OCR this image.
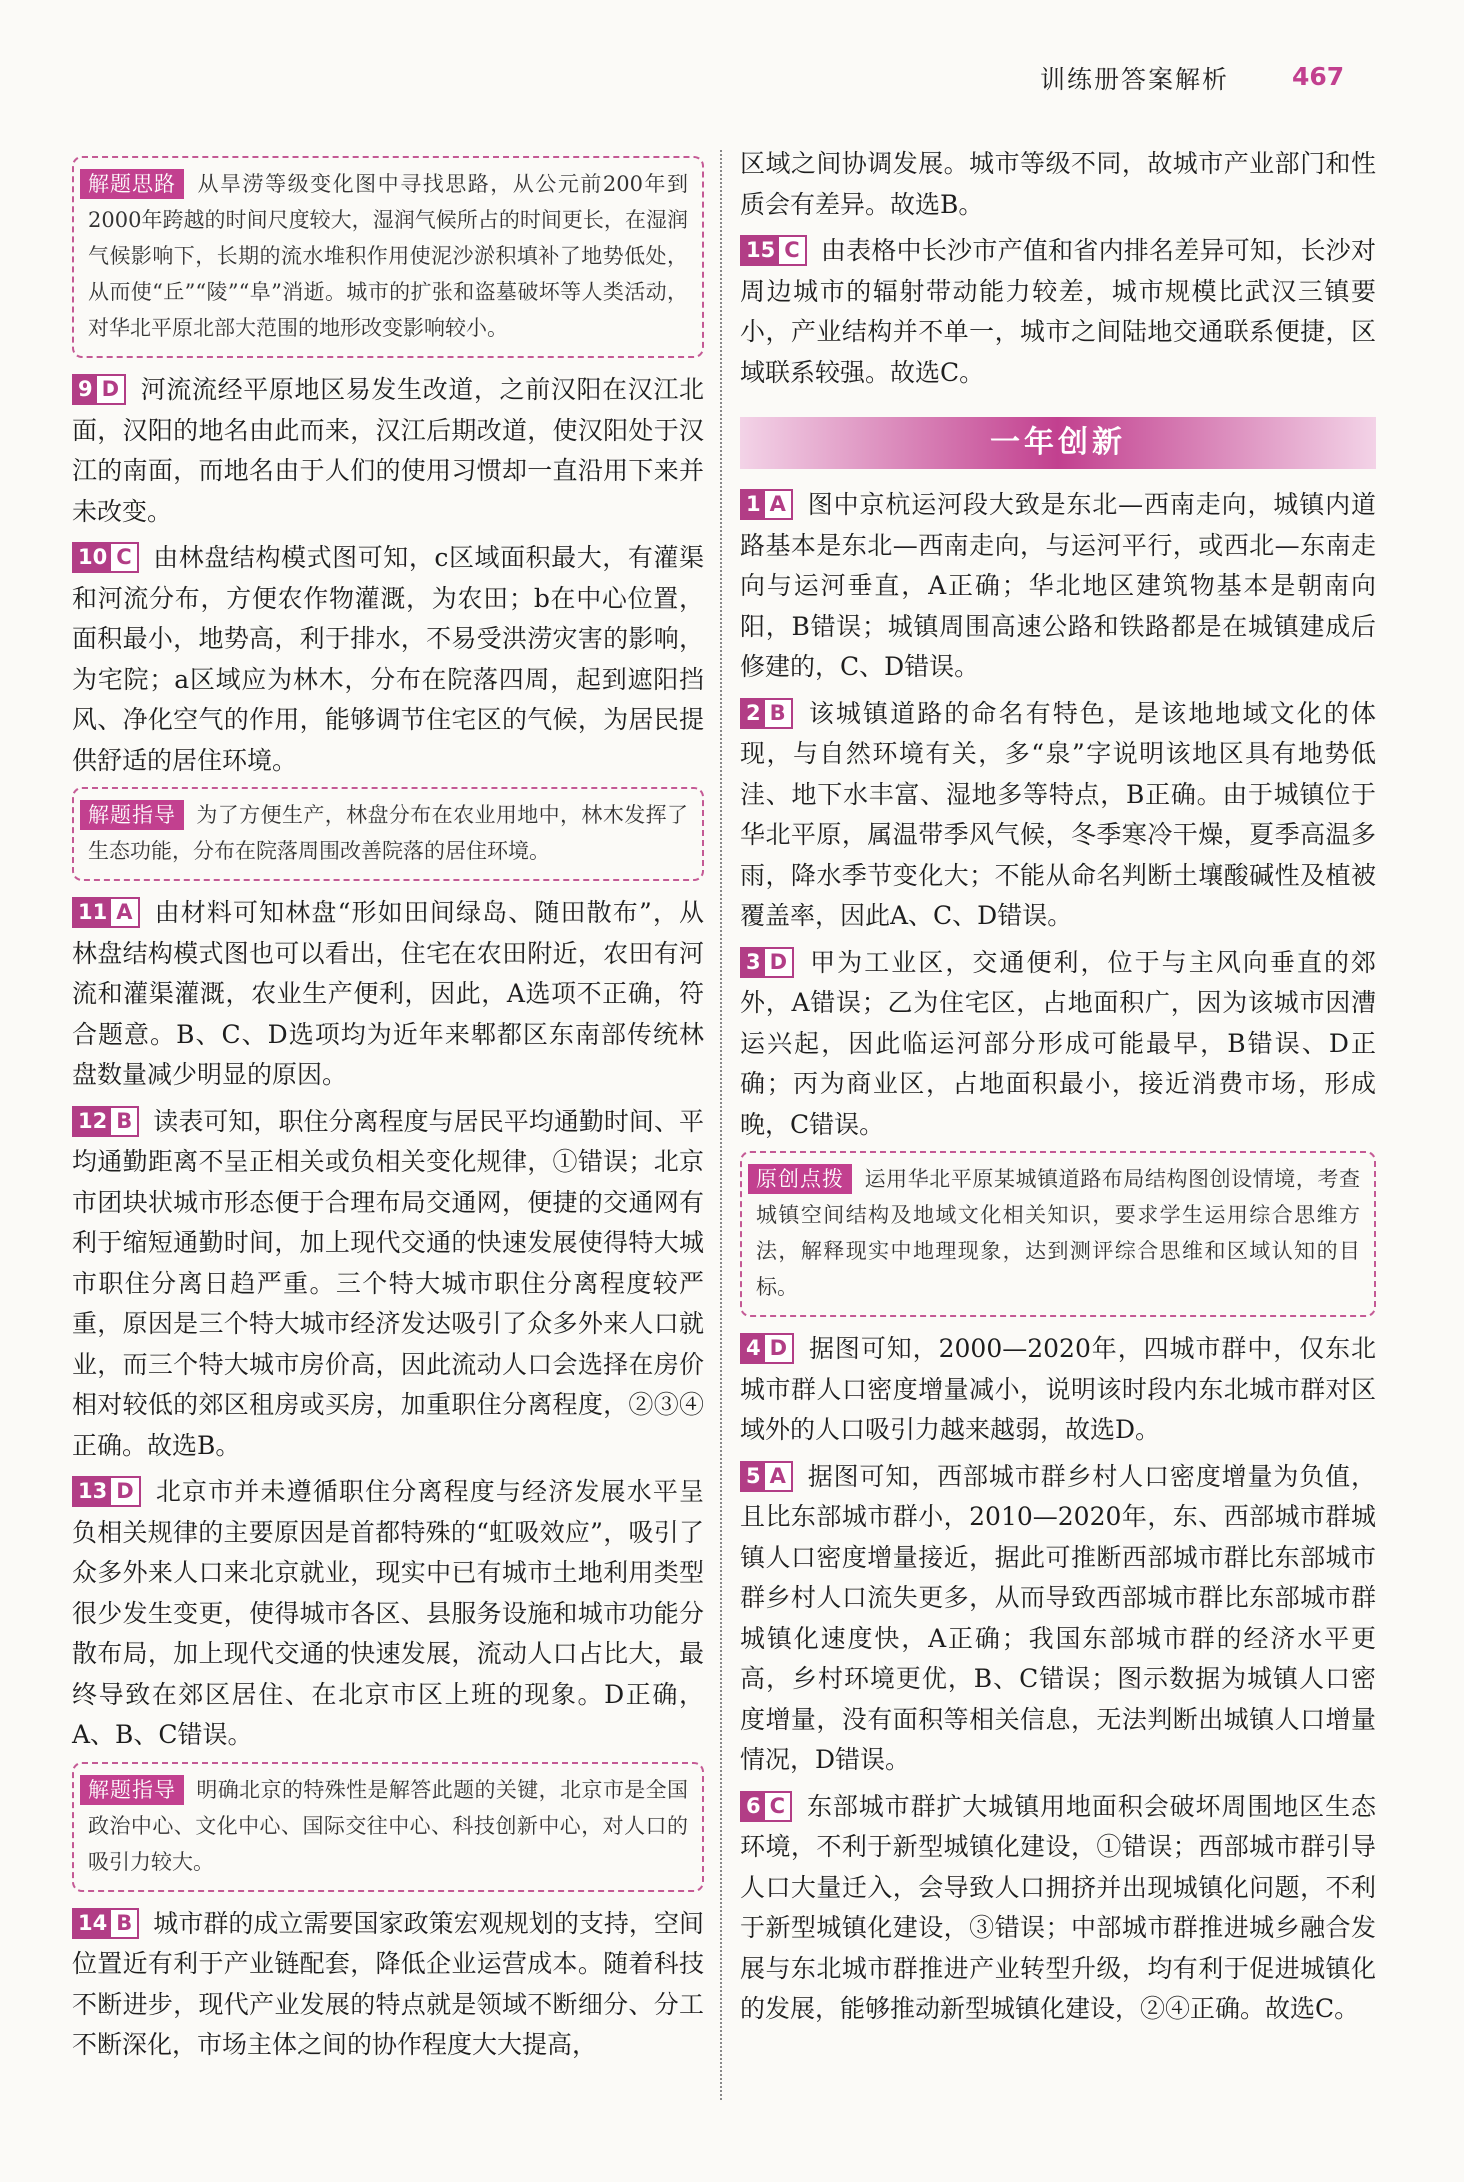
训练册答案解析	467
解题思路 从旱涝等级变化图中寻找思路，从公元前200年到2000年跨越的时间尺度较大，湿润气候所占的时间更长，在湿润气候影响下，长期的流水堆积作用使泥沙淤积填补了地势低处，从而使“丘”“陵”“阜”消逝。城市的扩张和盗墓破坏等人类活动，对华北平原北部大范围的地形改变影响较小。
9 D 河流流经平原地区易发生改道，之前汉阳在汉江北面，汉阳的地名由此而来，汉江后期改道，使汉阳处于汉江的南面，而地名由于人们的使用习惯却一直沿用下来并未改变。
10 C 由林盘结构模式图可知，c区域面积最大，有灌渠和河流分布，方便农作物灌溉，为农田；b在中心位置，面积最小，地势高，利于排水，不易受洪涝灾害的影响，为宅院；a区域应为林木，分布在院落四周，起到遮阳挡风、净化空气的作用，能够调节住宅区的气候，为居民提供舒适的居住环境。
解题指导 为了方便生产，林盘分布在农业用地中，林木发挥了生态功能，分布在院落周围改善院落的居住环境。
11 A 由材料可知林盘“形如田间绿岛、随田散布”，从林盘结构模式图也可以看出，住宅在农田附近，农田有河流和灌渠灌溉，农业生产便利，因此，A选项不正确，符合题意。B、C、D选项均为近年来郫都区东南部传统林盘数量减少明显的原因。
12 B 读表可知，职住分离程度与居民平均通勤时间、平均通勤距离不呈正相关或负相关变化规律，①错误；北京市团块状城市形态便于合理布局交通网，便捷的交通网有利于缩短通勤时间，加上现代交通的快速发展使得特大城市职住分离日趋严重。三个特大城市职住分离程度较严重，原因是三个特大城市经济发达吸引了众多外来人口就业，而三个特大城市房价高，因此流动人口会选择在房价相对较低的郊区租房或买房，加重职住分离程度，②③④正确。故选B。
13 D 北京市并未遵循职住分离程度与经济发展水平呈负相关规律的主要原因是首都特殊的“虹吸效应”，吸引了众多外来人口来北京就业，现实中已有城市土地利用类型很少发生变更，使得城市各区、县服务设施和城市功能分散布局，加上现代交通的快速发展，流动人口占比大，最终导致在郊区居住、在北京市区上班的现象。D正确，A、B、C错误。
解题指导 明确北京的特殊性是解答此题的关键，北京市是全国政治中心、文化中心、国际交往中心、科技创新中心，对人口的吸引力较大。
14 B 城市群的成立需要国家政策宏观规划的支持，空间位置近有利于产业链配套，降低企业运营成本。随着科技不断进步，现代产业发展的特点就是领域不断细分、分工不断深化，市场主体之间的协作程度大大提高，
区域之间协调发展。城市等级不同，故城市产业部门和性质会有差异。故选B。
15 C 由表格中长沙市产值和省内排名差异可知，长沙对周边城市的辐射带动能力较差，城市规模比武汉三镇要小，产业结构并不单一，城市之间陆地交通联系便捷，区域联系较强。故选C。
一年创新
1 A 图中京杭运河段大致是东北—西南走向，城镇内道路基本是东北—西南走向，与运河平行，或西北—东南走向与运河垂直，A正确；华北地区建筑物基本是朝南向阳，B错误；城镇周围高速公路和铁路都是在城镇建成后修建的，C、D错误。
2 B 该城镇道路的命名有特色，是该地地域文化的体现，与自然环境有关，多“泉”字说明该地区具有地势低洼、地下水丰富、湿地多等特点，B正确。由于城镇位于华北平原，属温带季风气候，冬季寒冷干燥，夏季高温多雨，降水季节变化大；不能从命名判断土壤酸碱性及植被覆盖率，因此A、C、D错误。
3 D 甲为工业区，交通便利，位于与主风向垂直的郊外，A错误；乙为住宅区，占地面积广，因为该城市因漕运兴起，因此临运河部分形成可能最早，B错误、D正确；丙为商业区，占地面积最小，接近消费市场，形成晚，C错误。
原创点拨 运用华北平原某城镇道路布局结构图创设情境，考查城镇空间结构及地域文化相关知识，要求学生运用综合思维方法，解释现实中地理现象，达到测评综合思维和区域认知的目标。
4 D 据图可知，2000—2020年，四城市群中，仅东北城市群人口密度增量减小，说明该时段内东北城市群对区域外的人口吸引力越来越弱，故选D。
5 A 据图可知，西部城市群乡村人口密度增量为负值，且比东部城市群小，2010—2020年，东、西部城市群城镇人口密度增量接近，据此可推断西部城市群比东部城市群乡村人口流失更多，从而导致西部城市群比东部城市群城镇化速度快，A正确；我国东部城市群的经济水平更高，乡村环境更优，B、C错误；图示数据为城镇人口密度增量，没有面积等相关信息，无法判断出城镇人口增量情况，D错误。
6 C 东部城市群扩大城镇用地面积会破坏周围地区生态环境，不利于新型城镇化建设，①错误；西部城市群引导人口大量迁入，会导致人口拥挤并出现城镇化问题，不利于新型城镇化建设，③错误；中部城市群推进城乡融合发展与东北城市群推进产业转型升级，均有利于促进城镇化的发展，能够推动新型城镇化建设，②④正确。故选C。
